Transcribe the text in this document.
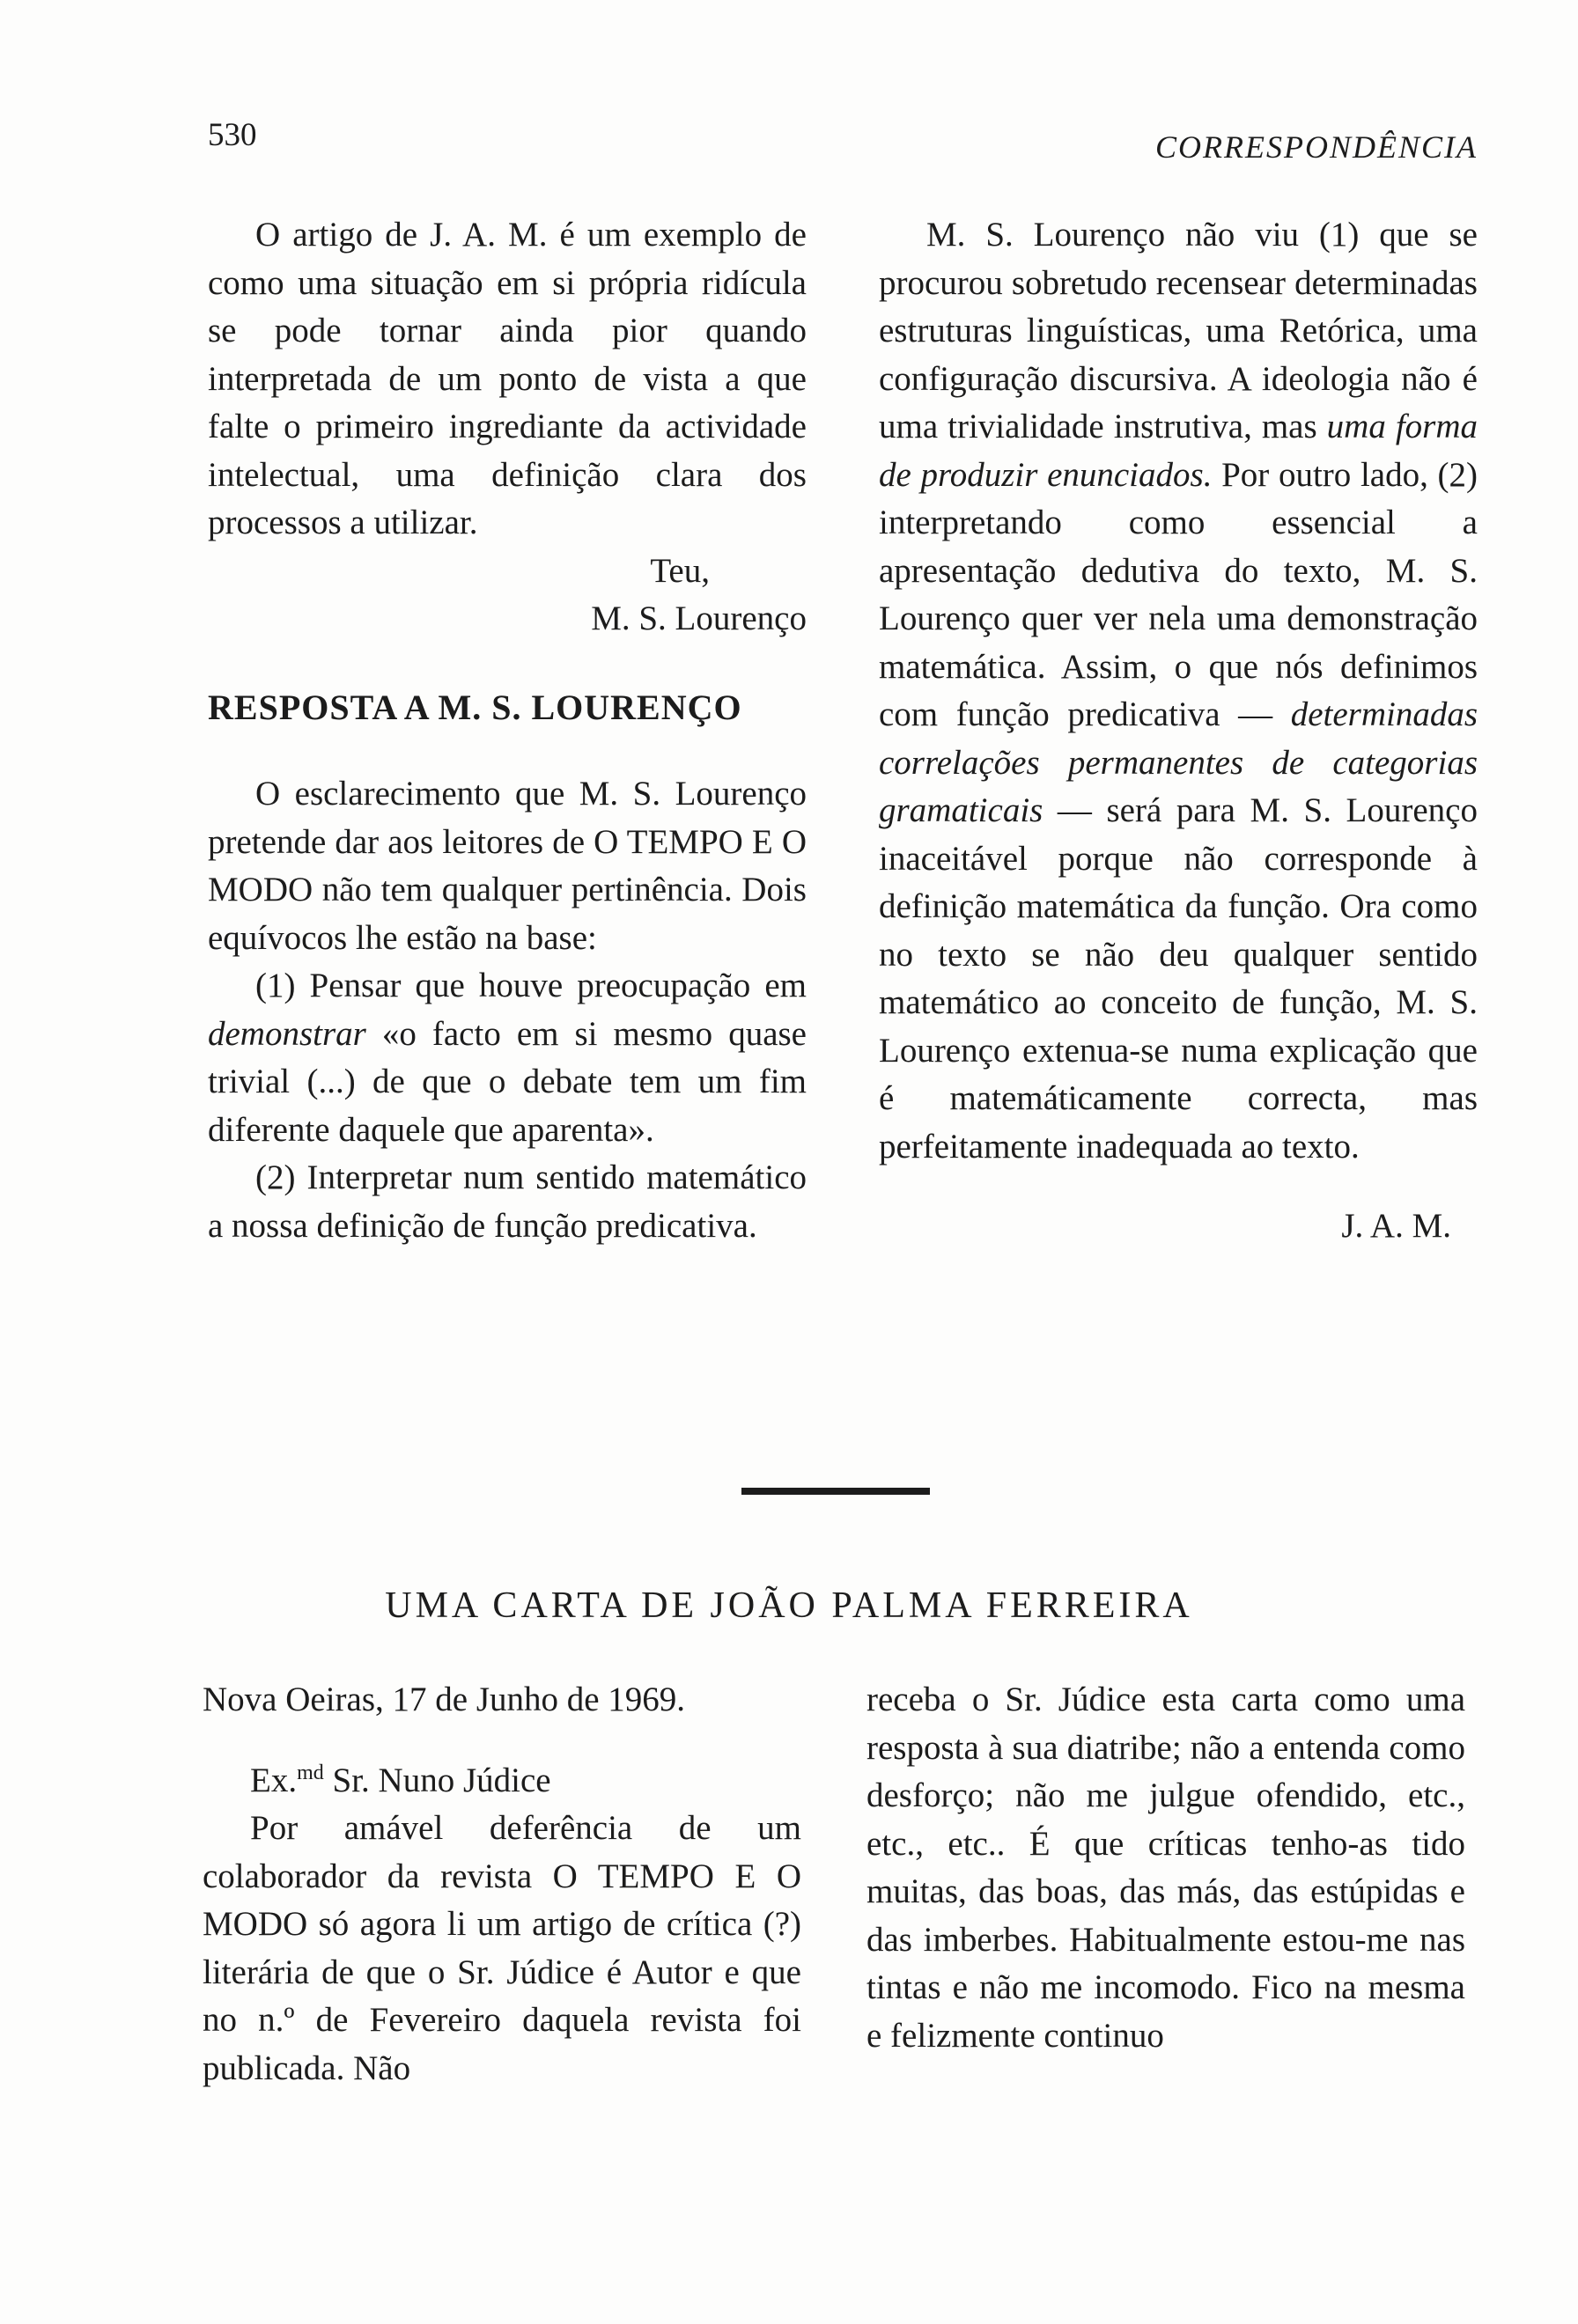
530	CORRESPONDÊNCIA

O artigo de J. A. M. é um exemplo de como uma situação em si própria ridícula se pode tornar ainda pior quando interpretada de um ponto de vista a que falte o primeiro ingrediante da actividade intelectual, uma definição clara dos processos a utilizar.

Teu,

M. S. Lourenço

RESPOSTA A M. S. LOURENÇO

O esclarecimento que M. S. Lourenço pretende dar aos leitores de O TEMPO E O MODO não tem qualquer pertinência. Dois equívocos lhe estão na base:

(1) Pensar que houve preocupação em demonstrar «o facto em si mesmo quase trivial (...) de que o debate tem um fim diferente daquele que aparenta».

(2) Interpretar num sentido matemático a nossa definição de função predicativa.

M. S. Lourenço não viu (1) que se procurou sobretudo recensear determinadas estruturas linguísticas, uma Retórica, uma configuração discursiva. A ideologia não é uma trivialidade instrutiva, mas uma forma de produzir enunciados. Por outro lado, (2) interpretando como essencial a apresentação dedutiva do texto, M. S. Lourenço quer ver nela uma demonstração matemática. Assim, o que nós definimos com função predicativa — determinadas correlações permanentes de categorias gramaticais — será para M. S. Lourenço inaceitável porque não corresponde à definição matemática da função. Ora como no texto se não deu qualquer sentido matemático ao conceito de função, M. S. Lourenço extenua-se numa explicação que é matemáticamente correcta, mas perfeitamente inadequada ao texto.

J. A. M.

UMA CARTA DE JOÃO PALMA FERREIRA

Nova Oeiras, 17 de Junho de 1969.

Ex.$^{md}$ Sr. Nuno Júdice

Por amável deferência de um colaborador da revista O TEMPO E O MODO só agora li um artigo de crítica (?) literária de que o Sr. Júdice é Autor e que no n.º de Fevereiro daquela revista foi publicada. Não

receba o Sr. Júdice esta carta como uma resposta à sua diatribe; não a entenda como desforço; não me julgue ofendido, etc., etc., etc.. É que críticas tenho-as tido muitas, das boas, das más, das estúpidas e das imberbes. Habitualmente estou-me nas tintas e não me incomodo. Fico na mesma e felizmente continuo
